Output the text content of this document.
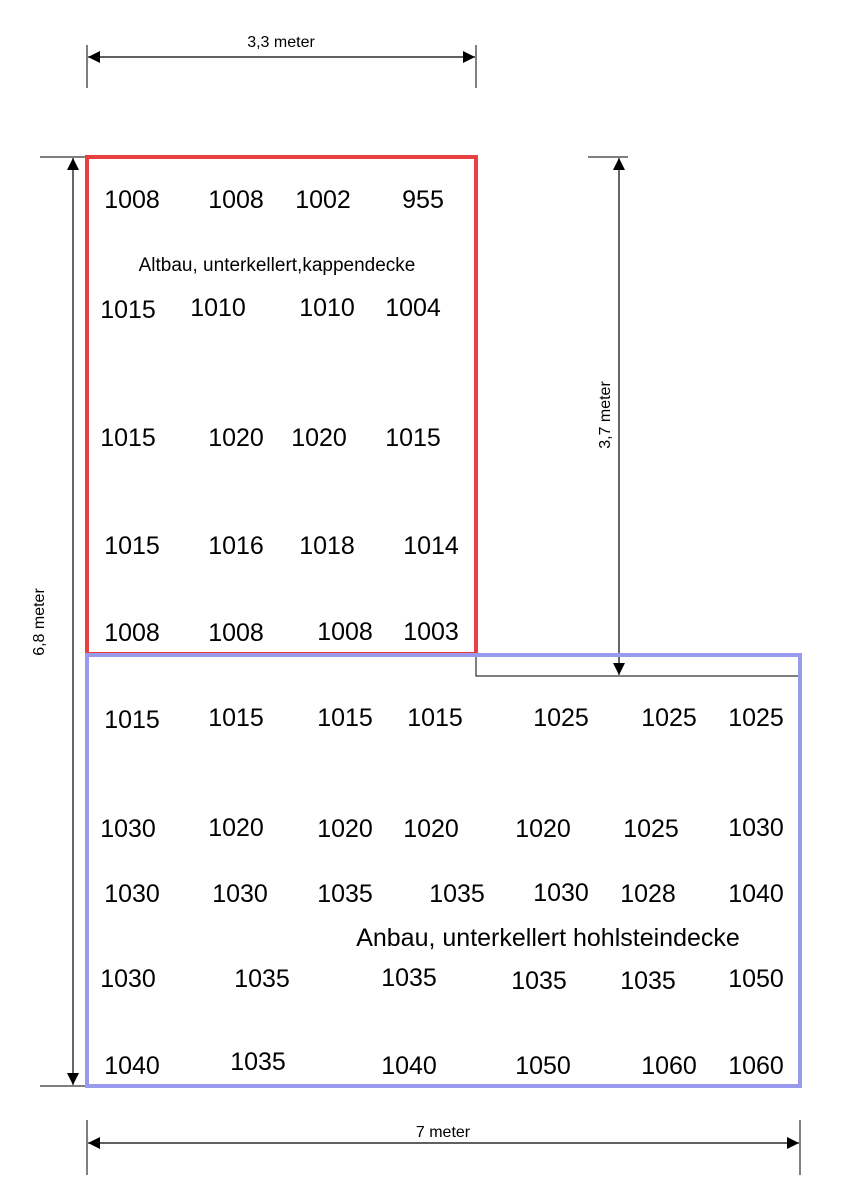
3,3 meter
6,8 meter
3,7 meter
7 meter
Altbau, unterkellert,kappendecke
Anbau, unterkellert hohlsteindecke
1008 1008 1002 955
1015 1010 1010 1004
1015 1020 1020 1015
1015 1016 1018 1014
1008 1008 1008 1003
1015 1015 1015 1015	1025 1025 1025
1030 1020 1020 1020 1020 1025 1030
1030 1030 1035 1035 1030 1028 1040
1030	1035	1035	1035 1035 1050
1040	1035	1040	1050	1060 1060
